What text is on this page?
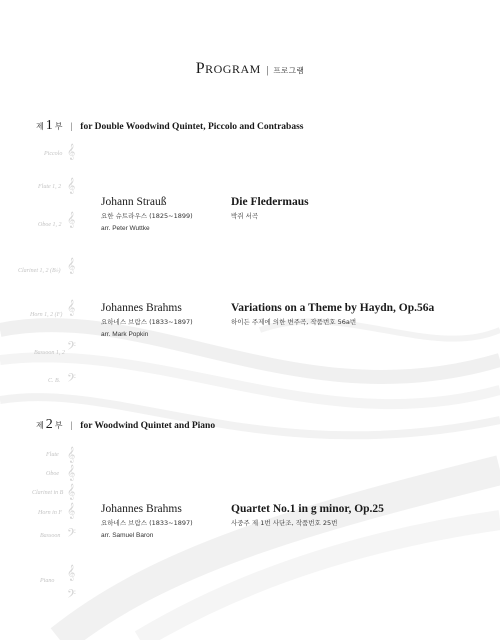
PROGRAM | 프로그램
제 1 부 | for Double Woodwind Quintet, Piccolo and Contrabass
𝄞
𝄞
𝄞
𝄞
𝄞
𝄢
𝄢
Piccolo
Flute 1, 2
Oboe 1, 2
Clarinet 1, 2 (B♭)
Horn 1, 2 (F)
Bassoon 1, 2
C. B.
Johann Strauß
요한 슈트라우스 (1825~1899)
arr. Peter Wuttke
Die Fledermaus
박쥐 서곡
Johannes Brahms
요하네스 브람스 (1833~1897)
arr. Mark Popkin
Variations on a Theme by Haydn, Op.56a
하이든 주제에 의한 변주곡, 작품번호 56a번
제 2 부 | for Woodwind Quintet and Piano
𝄞
𝄞
𝄞
𝄞
𝄢
𝄞
𝄢
Flute
Oboe
Clarinet in B
Horn in F
Bassoon
Piano
Johannes Brahms
요하네스 브람스 (1833~1897)
arr. Samuel Baron
Quartet No.1 in g minor, Op.25
사중주 제 1번 사단조, 작품번호 25번
